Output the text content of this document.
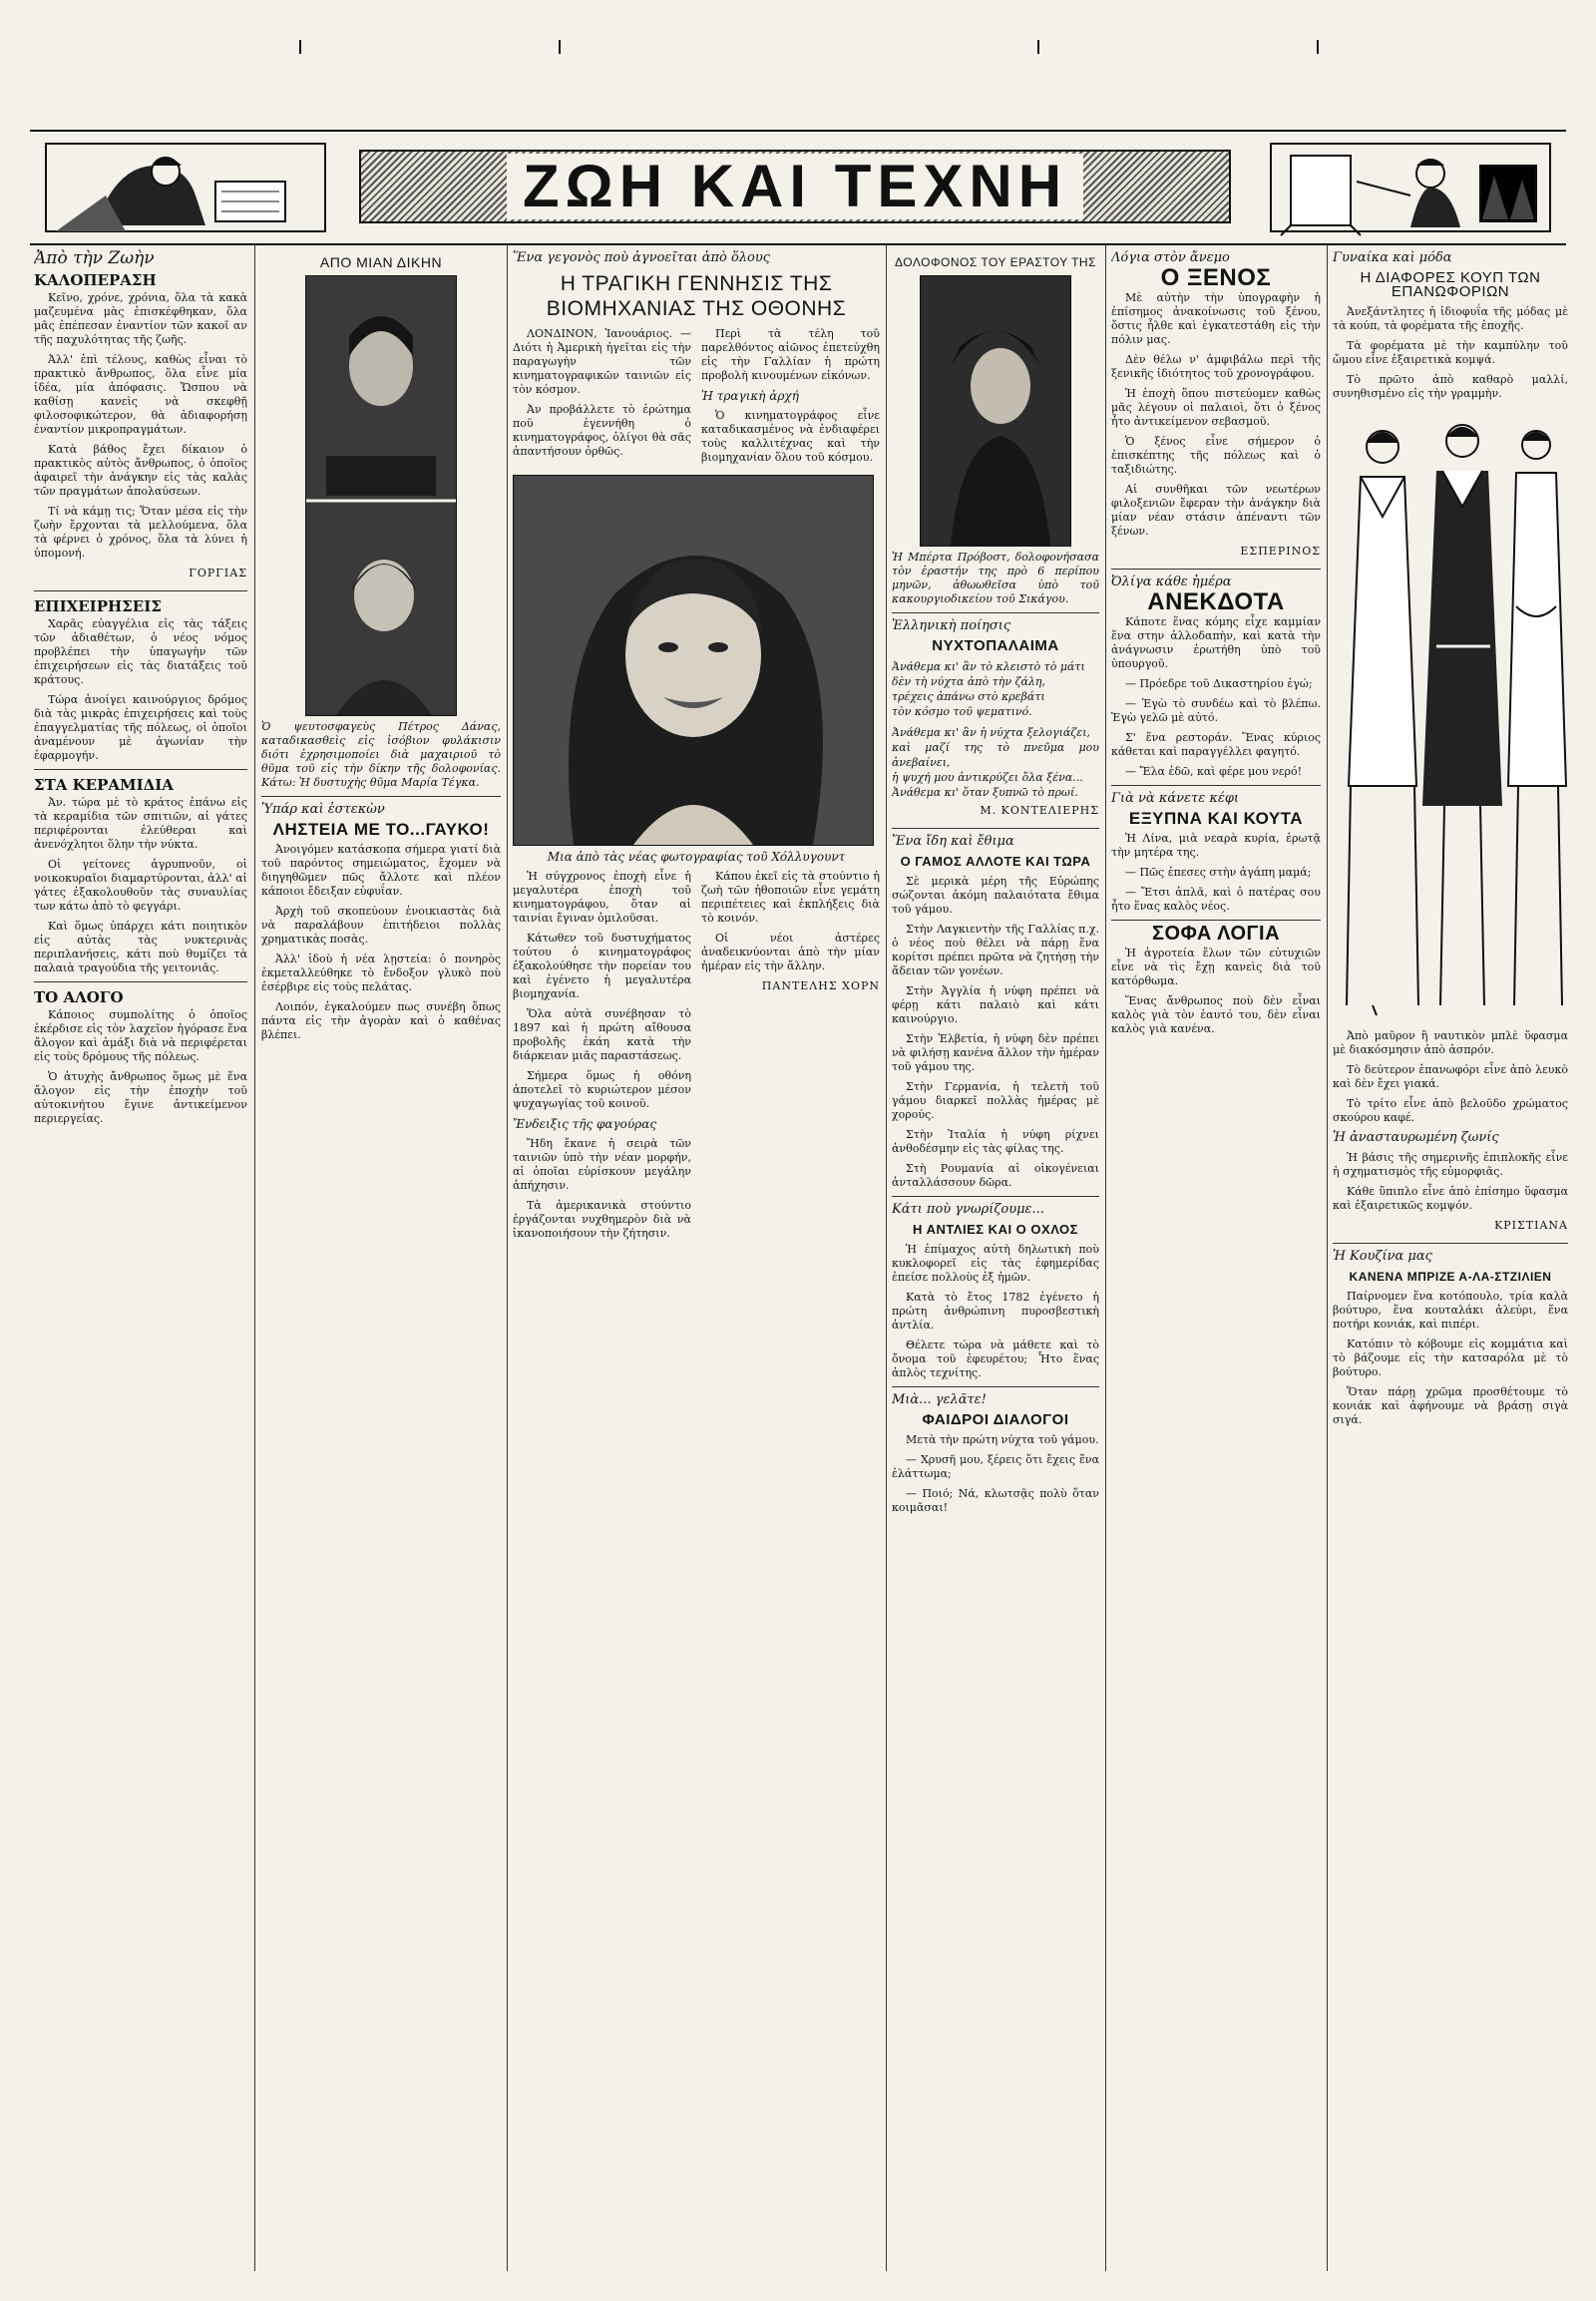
ΖΩΗ ΚΑΙ ΤΕΧΝΗ
Ἀπὸ τὴν Ζωὴν
ΚΑΛΟΠΕΡΑΣΗ

Κεῖνο, χρόνε, χρόνια, ὅλα τὰ κακὰ μαζευμένα μὰς ἐπισκέφθηκαν, ὅλα μᾶς ἐπέπεσαν ἐναντίον τῶν κακοῖ αν τῆς παχυλότητας τῆς ζωῆς.

Ἀλλ' ἐπὶ τέλους, καθὼς εἶναι τὸ πρακτικὸ ἄνθρωπος, ὅλα εἶνε μία ἰδέα, μία ἀπόφασις. Ὥσπου νὰ καθίσῃ κανεὶς νὰ σκεφθῇ φιλοσοφικώτερον, θὰ ἀδιαφορήσῃ ἐναντίον μικροπραγμάτων.

Κατὰ βάθος ἔχει δίκαιον ὁ πρακτικὸς αὐτὸς ἄνθρωπος, ὁ ὁποῖος ἀφαιρεῖ τὴν ἀνάγκην εἰς τὰς καλὰς τῶν πραγμάτων ἀπολαύσεων.

Τί νὰ κάμῃ τις; Ὅταν μέσα εἰς τὴν ζωὴν ἔρχονται τὰ μελλούμενα, ὅλα τὰ φέρνει ὁ χρόνος, ὅλα τὰ λύνει ἡ ὑπομονή.

ΓΟΡΓΙΑΣ
ΕΠΙΧΕΙΡΗΣΕΙΣ

Χαρᾶς εὐαγγέλια εἰς τὰς τάξεις τῶν ἀδιαθέτων, ὁ νέος νόμος προβλέπει τὴν ὑπαγωγὴν τῶν ἐπιχειρήσεων εἰς τὰς διατάξεις τοῦ κράτους.

Τώρα ἀνοίγει καινούργιος δρόμος διὰ τὰς μικρὰς ἐπιχειρήσεις καὶ τοὺς ἐπαγγελματίας τῆς πόλεως, οἱ ὁποῖοι ἀναμένουν μὲ ἀγωνίαν τὴν ἐφαρμογήν.

ΣΤΑ ΚΕΡΑΜΙΔΙΑ

Ἀν. τώρα μὲ τὸ κράτος ἐπάνω εἰς τὰ κεραμίδια τῶν σπιτιῶν, αἱ γάτες περιφέρονται ἐλεύθεραι καὶ ἀνενόχλητοι ὅλην τὴν νύκτα.

Οἱ γείτονες ἀγρυπνοῦν, οἱ νοικοκυραῖοι διαμαρτύρονται, ἀλλ' αἱ γάτες ἐξακολουθοῦν τὰς συναυλίας των κάτω ἀπὸ τὸ φεγγάρι.

Καὶ ὅμως ὑπάρχει κάτι ποιητικὸν εἰς αὐτὰς τὰς νυκτερινὰς περιπλανήσεις, κάτι ποὺ θυμίζει τὰ παλαιὰ τραγούδια τῆς γειτονιᾶς.

ΤΟ ΑΛΟΓΟ

Κάποιος συμπολίτης ὁ ὁποῖος ἐκέρδισε εἰς τὸν λαχεῖον ἠγόρασε ἕνα ἄλογον καὶ ἀμάξι διὰ νὰ περιφέρεται εἰς τοὺς δρόμους τῆς πόλεως.

Ὁ ἀτυχὴς ἄνθρωπος ὅμως μὲ ἕνα ἄλογον εἰς τὴν ἐποχὴν τοῦ αὐτοκινήτου ἔγινε ἀντικείμενον περιεργείας.

ΑΠΟ ΜΙΑΝ ΔΙΚΗΝ
Ὁ ψευτοσφαγεὺς Πέτρος Δάνας, καταδικασθεὶς εἰς ἰσόβιον φυλάκισιν διότι ἐχρησιμοποίει διὰ μαχαιριοῦ τὸ θῦμα τοῦ εἰς τὴν δίκην τῆς δολοφονίας. Κάτω: Ἡ δυστυχὴς θῦμα Μαρία Τέγκα.
Ὑπάρ καὶ ἐστεκὼν
ΛΗΣΤΕΙΑ ΜΕ ΤΟ...ΓΑΥΚΟ!

Ἀνοιγόμεν κατάσκοπα σήμερα γιατί διὰ τοῦ παρόντος σημειώματος, ἔχομεν νὰ διηγηθῶμεν πῶς ἄλλοτε καὶ πλέον κάποιοι ἔδειξαν εὐφυΐαν.

Ἀρχὴ τοῦ σκοπεύουν ἐνοικιαστὰς διὰ νὰ παραλάβουν ἐπιτήδειοι πολλὰς χρηματικὰς ποσὰς.

Ἀλλ' ἰδοὺ ἡ νέα λῃστεία: ὁ πονηρὸς ἐκμεταλλεύθηκε τὸ ἔνδοξον γλυκὸ ποὺ ἐσέρβιρε εἰς τοὺς πελάτας.

Λοιπόν, ἐγκαλούμεν πως συνέβη ὅπως πάντα εἰς τὴν ἀγορὰν καὶ ὁ καθένας βλέπει.

Ἕνα γεγονὸς ποὺ ἀγνοεῖται ἀπὸ ὅλους
Η ΤΡΑΓΙΚΗ ΓΕΝΝΗΣΙΣ ΤΗΣ ΒΙΟΜΗΧΑΝΙΑΣ ΤΗΣ ΟΘΟΝΗΣ

ΛΟΝΔΙΝΟΝ, Ἰανουάριος. — Διότι ἡ Ἀμερικὴ ἠγεῖται εἰς τὴν παραγωγὴν τῶν κινηματογραφικῶν ταινιῶν εἰς τὸν κόσμον.

Ἀν προβάλλετε τὸ ἐρώτημα ποῦ ἐγεννήθη ὁ κινηματογράφος, ὁλίγοι θὰ σᾶς ἀπαντήσουν ὀρθῶς.

Περὶ τὰ τέλη τοῦ παρελθόντος αἰῶνος ἐπετεύχθη εἰς τὴν Γαλλίαν ἡ πρώτη προβολὴ κινουμένων εἰκόνων.

Ἡ τραγικὴ ἀρχή

Ὁ κινηματογράφος εἶνε καταδικασμένος νὰ ἐνδιαφέρει τοὺς καλλιτέχνας καὶ τὴν βιομηχανίαν ὅλου τοῦ κόσμου.

Μια ἀπὸ τὰς νέας φωτογραφίας τοῦ Χόλλυγουντ

Ἡ σύγχρονος ἐποχὴ εἶνε ἡ μεγαλυτέρα ἐποχὴ τοῦ κινηματογράφου, ὅταν αἱ ταινίαι ἔγιναν ὁμιλοῦσαι.

Κάτωθεν τοῦ δυστυχήματος τούτου ὁ κινηματογράφος ἐξακολούθησε τὴν πορείαν του καὶ ἐγένετο ἡ μεγαλυτέρα βιομηχανία.

Ὅλα αὐτὰ συνέβησαν τὸ 1897 καὶ ἡ πρώτη αἴθουσα προβολῆς ἐκάη κατὰ τὴν διάρκειαν μιᾶς παραστάσεως.

Σήμερα ὅμως ἡ οθόνη ἀποτελεῖ τὸ κυριώτερον μέσον ψυχαγωγίας τοῦ κοινοῦ.

Ἔνδειξις τῆς φαγούρας

Ἤδη ἔκανε ἡ σειρὰ τῶν ταινιῶν ὑπὸ τὴν νέαν μορφήν, αἱ ὁποῖαι εὐρίσκουν μεγάλην ἀπήχησιν.

Τὰ ἀμερικανικὰ στούντιο ἐργάζονται νυχθημερὸν διὰ νὰ ἱκανοποιήσουν τὴν ζήτησιν.

Κάπου ἐκεῖ εἰς τὰ στούντιο ἡ ζωὴ τῶν ἠθοποιῶν εἶνε γεμάτη περιπέτειες καὶ ἐκπλήξεις διὰ τὸ κοινόν.

Οἱ νέοι ἀστέρες ἀναδεικνύονται ἀπὸ τὴν μίαν ἡμέραν εἰς τὴν ἄλλην.

ΠΑΝΤΕΛΗΣ ΧΟΡΝ
ΔΟΛΟΦΟΝΟΣ ΤΟΥ ΕΡΑΣΤΟΥ ΤΗΣ
Ἡ Μπέρτα Πρόβοστ, δολοφονήσασα τὸν ἐραστήν της πρὸ 6 περίπου μηνῶν, ἀθωωθεῖσα ὑπὸ τοῦ κακουργιοδικείου τοῦ Σικάγου.
Ἑλληνικὴ ποίησις
ΝΥΧΤΟΠΑΛΑΙΜΑ
Ἀνάθεμα κι' ἂν τὸ κλειστὸ τὸ μάτι
δὲν τὴ νύχτα ἀπὸ τὴν ζάλη,
τρέχεις ἀπάνω στὸ κρεβάτι
τὸν κόσμο τοῦ ψεματινό.
Ἀνάθεμα κι' ἂν ἡ νύχτα ξελογιάζει,
καὶ μαζί της τὸ πνεῦμα μου ἀνεβαίνει,
ἡ ψυχή μου ἀντικρύζει ὅλα ξένα...
Ἀνάθεμα κι' ὅταν ξυπνῶ τὸ πρωί.
Μ. ΚΟΝΤΕΛΙΕΡΗΣ
Ἕνα ἴδη καὶ ἔθιμα
Ο ΓΑΜΟΣ ΑΛΛΟΤΕ ΚΑΙ ΤΩΡΑ

Σὲ μερικὰ μέρη τῆς Εὐρώπης σώζονται ἀκόμη παλαιότατα ἔθιμα τοῦ γάμου.

Στὴν Λαγκιεντὴν τῆς Γαλλίας π.χ. ὁ νέος ποὺ θέλει νὰ πάρῃ ἕνα κορίτσι πρέπει πρῶτα νὰ ζητήσῃ τὴν ἄδειαν τῶν γονέων.

Στὴν Ἀγγλία ἡ νύφη πρέπει νὰ φέρῃ κάτι παλαιὸ καὶ κάτι καινούργιο.

Στὴν Ἑλβετία, ἡ νύφη δὲν πρέπει νὰ φιλήσῃ κανένα ἄλλον τὴν ἡμέραν τοῦ γάμου της.

Στὴν Γερμανία, ἡ τελετὴ τοῦ γάμου διαρκεῖ πολλὰς ἡμέρας μὲ χορούς.

Στὴν Ἰταλία ἡ νύφη ρίχνει ἀνθοδέσμην εἰς τὰς φίλας της.

Στὴ Ρουμανία αἱ οἰκογένειαι ἀνταλλάσσουν δῶρα.

Κάτι ποὺ γνωρίζουμε...
Η ΑΝΤΛΙΕΣ ΚΑΙ Ο ΟΧΛΟΣ

Ἡ ἐπίμαχος αὐτὴ δηλωτικὴ ποὺ κυκλοφορεῖ εἰς τὰς ἐφημερίδας ἐπείσε πολλοὺς ἐξ ἡμῶν.

Κατὰ τὸ ἔτος 1782 ἐγένετο ἡ πρώτη ἀνθρώπινη πυροσβεστικὴ ἀντλία.

Θέλετε τώρα νὰ μάθετε καὶ τὸ ὄνομα τοῦ ἐφευρέτου; Ἦτο ἕνας ἀπλὸς τεχνίτης.

Μιὰ... γελᾶτε!
ΦΑΙΔΡΟΙ ΔΙΑΛΟΓΟΙ

Μετὰ τὴν πρώτη νύχτα τοῦ γάμου.

— Χρυσῆ μου, ξέρεις ὅτι ἔχεις ἕνα ἐλάττωμα;

— Ποιό; Νά, κλωτσᾷς πολὺ ὅταν κοιμᾶσαι!

Λόγια στὸν ἄνεμο
Ο ΞΕΝΟΣ

Μὲ αὐτὴν τὴν ὑπογραφὴν ἡ ἐπίσημος ἀνακοίνωσις τοῦ ξένου, ὅστις ἦλθε καὶ ἐγκατεστάθη εἰς τὴν πόλιν μας.

Δὲν θέλω ν' ἀμφιβάλω περὶ τῆς ξενικῆς ἰδιότητος τοῦ χρονογράφου.

Ἡ ἐποχὴ ὅπου πιστεύομεν καθὼς μᾶς λέγουν οἱ παλαιοὶ, ὅτι ὁ ξένος ἦτο ἀντικείμενον σεβασμοῦ.

Ὁ ξένος εἶνε σήμερον ὁ ἐπισκέπτης τῆς πόλεως καὶ ὁ ταξιδιώτης.

Αἱ συνθῆκαι τῶν νεωτέρων φιλοξενιῶν ἔφεραν τὴν ἀνάγκην διὰ μίαν νέαν στάσιν ἀπέναντι τῶν ξένων.

ΕΣΠΕΡΙΝΟΣ
Ὀλίγα κάθε ἡμέρα
ΑΝΕΚΔΟΤΑ

Κάποτε ἕνας κόμης εἶχε καμμίαν ἕνα στην ἀλλοδαπὴν, καὶ κατὰ τὴν ἀνάγνωσιν ἐρωτήθη ὑπὸ τοῦ ὑπουργοῦ.

— Πρόεδρε τοῦ Δικαστηρίου ἐγώ;

— Ἐγὼ τὸ συνδέω καὶ τὸ βλέπω. Ἐγὼ γελῶ μὲ αὐτό.

Σ' ἕνα ρεστοράν. Ἕνας κύριος κάθεται καὶ παραγγέλλει φαγητό.

— Ἔλα ἐδῶ, καὶ φέρε μου νερό!

Γιὰ νὰ κάνετε κέφι
ΕΞΥΠΝΑ ΚΑΙ ΚΟΥΤΑ

Ἡ Λίνα, μιὰ νεαρὰ κυρία, ἐρωτᾷ τὴν μητέρα της.

— Πῶς ἐπεσες στὴν ἀγάπη μαμά;

— Ἔτσι ἀπλᾶ, καὶ ὁ πατέρας σου ἦτο ἕνας καλὸς νέος.

ΣΟΦΑ ΛΟΓΙΑ

Ἡ ἀγροτεία ἔλων τῶν εὐτυχιῶν εἶνε νὰ τὶς ἔχῃ κανεὶς διὰ τοῦ κατόρθωμα.

Ἕνας ἄνθρωπος ποὺ δὲν εἶναι καλὸς γιὰ τὸν ἑαυτό του, δὲν εἶναι καλὸς γιὰ κανένα.

Γυναίκα καὶ μόδα
Η ΔΙΑΦΟΡΕΣ ΚΟΥΠ ΤΩΝ ΕΠΑΝΩΦΟΡΙΩΝ

Ἀνεξάντλητες ἡ ἰδιοφυΐα τῆς μόδας μὲ τὰ κούπ, τὰ φορέματα τῆς ἐποχῆς.

Τὰ φορέματα μὲ τὴν καμπύλην τοῦ ὤμου εἶνε ἐξαιρετικὰ κομψά.

Τὸ πρῶτο ἀπὸ καθαρὸ μαλλί, συνηθισμένο εἰς τὴν γραμμὴν.

Ἀπὸ μαῦρον ἢ ναυτικὸν μπλὲ ὕφασμα μὲ διακόσμησιν ἀπὸ ἀσπρόν.

Τὸ δεύτερον ἐπανωφόρι εἶνε ἀπὸ λευκὸ καὶ δὲν ἔχει γιακά.

Τὸ τρίτο εἶνε ἀπὸ βελοῦδο χρώματος σκούρου καφέ.

Ἡ ἀνασταυρωμένη ζωνίς

Ἡ βάσις τῆς σημερινῆς ἐπιπλοκῆς εἶνε ἡ σχηματισμὸς τῆς εὐμορφιᾶς.

Κάθε ὕπιπλο εἶνε ἀπὸ ἐπίσημο ὕφασμα καὶ ἐξαιρετικῶς κομψόν.

ΚΡΙΣΤΙΑΝΑ
Ἡ Κουζίνα μας
ΚΑΝΕΝΑ ΜΠΡΙΖΕ Α-ΛΑ-ΣΤΖΙΛΙΕΝ

Παίρνομεν ἕνα κοτόπουλο, τρία καλὰ βούτυρο, ἕνα κουταλάκι ἀλεύρι, ἕνα ποτήρι κονιάκ, καὶ πιπέρι.

Κατόπιν τὸ κόβουμε εἰς κομμάτια καὶ τὸ βάζουμε εἰς τὴν κατσαρόλα μὲ τὸ βούτυρο.

Ὅταν πάρῃ χρῶμα προσθέτουμε τὸ κονιάκ καὶ ἀφήνουμε νὰ βράσῃ σιγὰ σιγά.
